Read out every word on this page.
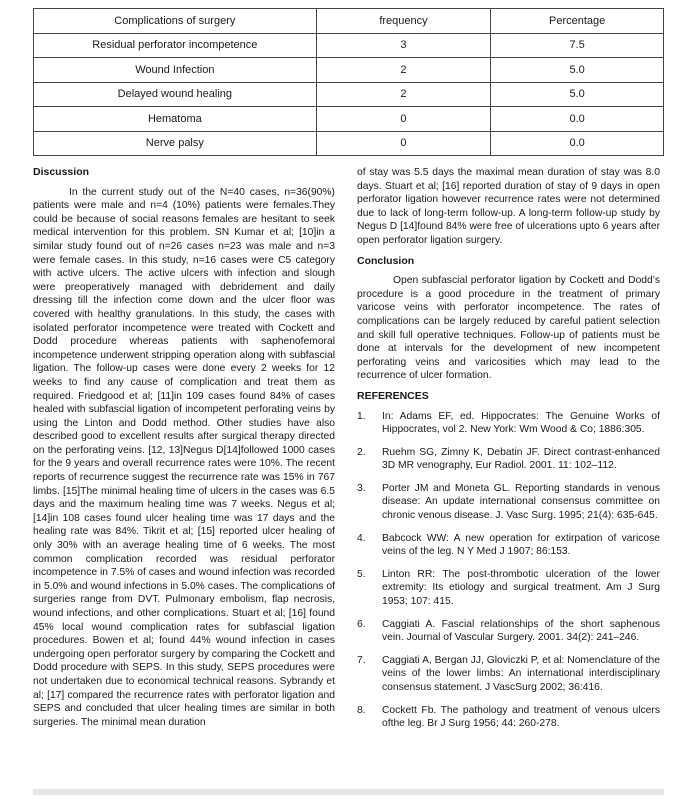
Complications of surgery	frequency	Percentage
Residual perforator incompetence	3	7.5
Wound Infection	2	5.0
Delayed wound healing	2	5.0
Hematoma	0	0.0
Nerve palsy	0	0.0
Discussion

In the current study out of the N=40 cases, n=36(90%) patients were male and n=4 (10%) patients were females.They could be because of social reasons females are hesitant to seek medical intervention for this problem. SN Kumar et al; [10]in a similar study found out of n=26 cases n=23 was male and n=3 were female cases. In this study, n=16 cases were C5 category with active ulcers. The active ulcers with infection and slough were preoperatively managed with debridement and daily dressing till the infection come down and the ulcer floor was covered with healthy granulations. In this study, the cases with isolated perforator incompetence were treated with Cockett and Dodd procedure whereas patients with saphenofemoral incompetence underwent stripping operation along with subfascial ligation. The follow-up cases were done every 2 weeks for 12 weeks to find any cause of complication and treat them as required. Friedgood et al; [11]in 109 cases found 84% of cases healed with subfascial ligation of incompetent perforating veins by using the Linton and Dodd method. Other studies have also described good to excellent results after surgical therapy directed on the perforating veins. [12, 13]Negus D[14]followed 1000 cases for the 9 years and overall recurrence rates were 10%. The recent reports of recurrence suggest the recurrence rate was 15% in 767 limbs. [15]The minimal healing time of ulcers in the cases was 6.5 days and the maximum healing time was 7 weeks. Negus et al; [14]in 108 cases found ulcer healing time was 17 days and the healing rate was 84%. Tikrit et al; [15] reported ulcer healing of only 30% with an average healing time of 6 weeks. The most common complication recorded was residual perforator incompetence in 7.5% of cases and wound infection was recorded in 5.0% and wound infections in 5.0% cases. The complications of surgeries range from DVT. Pulmonary embolism, flap necrosis, wound infections, and other complications. Stuart et al; [16] found 45% local wound complication rates for subfascial ligation procedures. Bowen et al; found 44% wound infection in cases undergoing open perforator surgery by comparing the Cockett and Dodd procedure with SEPS. In this study, SEPS procedures were not undertaken due to economical technical reasons. Sybrandy et al; [17] compared the recurrence rates with perforator ligation and SEPS and concluded that ulcer healing times are similar in both surgeries. The minimal mean duration

of stay was 5.5 days the maximal mean duration of stay was 8.0 days. Stuart et al; [16] reported duration of stay of 9 days in open perforator ligation however recurrence rates were not determined due to lack of long-term follow-up. A long-term follow-up study by Negus D [14]found 84% were free of ulcerations upto 6 years after open perforator ligation surgery.

Conclusion

Open subfascial perforator ligation by Cockett and Dodd’s procedure is a good procedure in the treatment of primary varicose veins with perforator incompetence. The rates of complications can be largely reduced by careful patient selection and skill full operative techniques. Follow-up of patients must be done at intervals for the development of new incompetent perforating veins and varicosities which may lead to the recurrence of ulcer formation.

REFERENCES
1.	In: Adams EF, ed. Hippocrates: The Genuine Works of Hippocrates, vol 2. New York: Wm Wood & Co; 1886:305.
2.	Ruehm SG, Zimny K, Debatin JF. Direct contrast-enhanced 3D MR venography, Eur Radiol. 2001. 11: 102–112.
3.	Porter JM and Moneta GL. Reporting standards in venous disease: An update international consensus committee on chronic venous disease. J. Vasc Surg. 1995; 21(4): 635-645.
4.	Babcock WW: A new operation for extirpation of varicose veins of the leg. N Y Med J 1907; 86:153.
5.	Linton RR: The post-thrombotic ulceration of the lower extremity: Its etiology and surgical treatment. Am J Surg 1953; 107: 415.
6.	Caggiati A. Fascial relationships of the short saphenous vein. Journal of Vascular Surgery. 2001. 34(2): 241–246.
7.	Caggiati A, Bergan JJ, Gloviczki P, et al: Nomenclature of the veins of the lower limbs: An international interdisciplinary consensus statement. J VascSurg 2002; 36:416.
8.	Cockett Fb. The pathology and treatment of venous ulcers ofthe leg. Br J Surg 1956; 44: 260-278.
